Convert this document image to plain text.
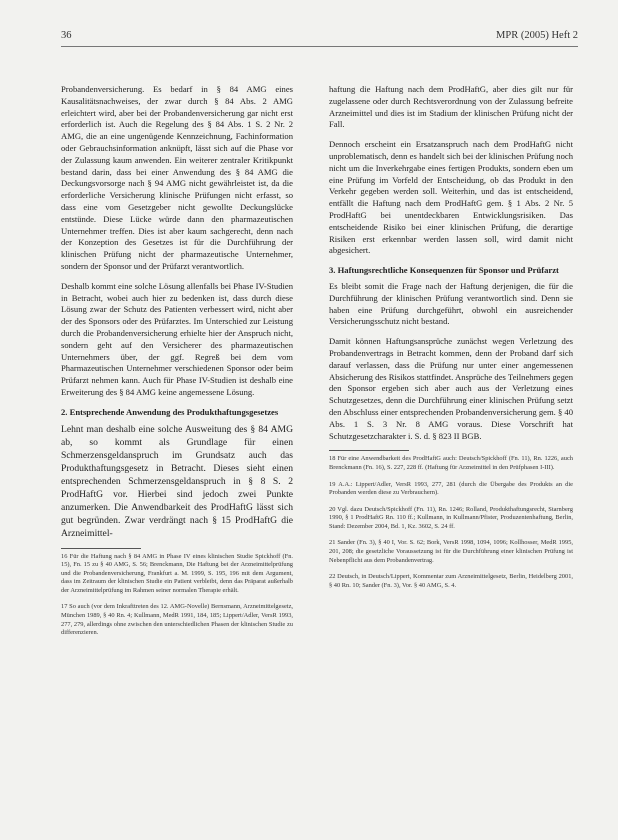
36	MPR (2005) Heft 2

Probandenversicherung. Es bedarf in § 84 AMG eines Kausalitätsnachweises, der zwar durch § 84 Abs. 2 AMG erleichtert wird, aber bei der Probandenversicherung gar nicht erst erforderlich ist. Auch die Regelung des § 84 Abs. 1 S. 2 Nr. 2 AMG, die an eine ungenügende Kennzeichnung, Fachinformation oder Gebrauchsinformation anknüpft, lässt sich auf die Phase vor der Zulassung kaum anwenden. Ein weiterer zentraler Kritikpunkt bestand darin, dass bei einer Anwendung des § 84 AMG die Deckungsvorsorge nach § 94 AMG nicht gewährleistet ist, da die erforderliche Versicherung klinische Prüfungen nicht erfasst, so dass eine vom Gesetzgeber nicht gewollte Deckungslücke entstünde. Diese Lücke würde dann den pharmazeutischen Unternehmer treffen. Dies ist aber kaum sachgerecht, denn nach der Konzeption des Gesetzes ist für die Durchführung der klinischen Prüfung nicht der pharmazeutische Unternehmer, sondern der Sponsor und der Prüfarzt verantwortlich.

Deshalb kommt eine solche Lösung allenfalls bei Phase IV-Studien in Betracht, wobei auch hier zu bedenken ist, dass durch diese Lösung zwar der Schutz des Patienten verbessert wird, nicht aber der des Sponsors oder des Prüfarztes. Im Unterschied zur Leistung durch die Probandenversicherung erhielte hier der Anspruch nicht, sondern geht auf den Versicherer des pharmazeutischen Unternehmers über, der ggf. Regreß bei dem vom Pharmazeutischen Unternehmer verschiedenen Sponsor oder beim Prüfarzt nehmen kann. Auch für Phase IV-Studien ist deshalb eine Erweiterung des § 84 AMG keine angemessene Lösung.

2. Entsprechende Anwendung des Produkthaftungsgesetzes

Lehnt man deshalb eine solche Ausweitung des § 84 AMG ab, so kommt als Grundlage für einen Schmerzensgeldanspruch im Grundsatz auch das Produkthaftungsgesetz in Betracht. Dieses sieht einen entsprechenden Schmerzensgeldanspruch in § 8 S. 2 ProdHaftG vor. Hierbei sind jedoch zwei Punkte anzumerken. Die Anwendbarkeit des ProdHaftG lässt sich gut begründen. Zwar verdrängt nach § 15 ProdHaftG die Arzneimittel-

16 Für die Haftung nach § 84 AMG in Phase IV eines klinischen Studie Spickhoff (Fn. 15), Fn. 15 zu § 40 AMG, S. 56; Brenckmann, Die Haftung bei der Arzneimittelprüfung und die Probandenversicherung, Frankfurt a. M. 1999, S. 195, 196 mit dem Argument, dass im Zeitraum der klinischen Studie ein Patient verbleibt, denn das Präparat außerhalb der Arzneimittelprüfung im Rahmen seiner normalen Therapie erhält.

17 So auch (vor dem Inkrafttreten des 12. AMG-Novelle) Bernsmann, Arzneimittelgesetz, München 1989, § 40 Rn. 4; Kullmann, MedR 1991, 184, 185; Lippert/Adler, VersR 1993, 277, 279, allerdings ohne zwischen den unterschiedlichen Phasen der klinischen Studie zu differenzieren.

haftung die Haftung nach dem ProdHaftG, aber dies gilt nur für zugelassene oder durch Rechtsverordnung von der Zulassung befreite Arzneimittel und dies ist im Stadium der klinischen Prüfung nicht der Fall.

Dennoch erscheint ein Ersatzanspruch nach dem ProdHaftG nicht unproblematisch, denn es handelt sich bei der klinischen Prüfung noch nicht um die Inverkehrgabe eines fertigen Produkts, sondern eben um eine Prüfung im Vorfeld der Entscheidung, ob das Produkt in den Verkehr gegeben werden soll. Weiterhin, und das ist entscheidend, entfällt die Haftung nach dem ProdHaftG gem. § 1 Abs. 2 Nr. 5 ProdHaftG bei unentdeckbaren Entwicklungsrisiken. Das entscheidende Risiko bei einer klinischen Prüfung, die derartige Risiken erst erkennbar werden lassen soll, wird damit nicht abgesichert.

3. Haftungsrechtliche Konsequenzen für Sponsor und Prüfarzt

Es bleibt somit die Frage nach der Haftung derjenigen, die für die Durchführung der klinischen Prüfung verantwortlich sind. Denn sie haben eine Prüfung durchgeführt, obwohl ein ausreichender Versicherungsschutz nicht bestand.

Damit können Haftungsansprüche zunächst wegen Verletzung des Probandenvertrags in Betracht kommen, denn der Proband darf sich darauf verlassen, dass die Prüfung nur unter einer angemessenen Absicherung des Risikos stattfindet. Ansprüche des Teilnehmers gegen den Sponsor ergeben sich aber auch aus der Verletzung eines Schutzgesetzes, denn die Durchführung einer klinischen Prüfung setzt den Abschluss einer entsprechenden Probandenversicherung gem. § 40 Abs. 1 S. 3 Nr. 8 AMG voraus. Diese Vorschrift hat Schutzgesetzcharakter i. S. d. § 823 II BGB.

18 Für eine Anwendbarkeit des ProdHaftG auch: Deutsch/Spickhoff (Fn. 11), Rn. 1226, auch Brenckmann (Fn. 16), S. 227, 228 ff. (Haftung für Arzneimittel in den Prüfphasen I-III).

19 A.A.: Lippert/Adler, VersR 1993, 277, 281 (durch die Übergabe des Produkts an die Probanden werden diese zu Verbrauchern).

20 Vgl. dazu Deutsch/Spickhoff (Fn. 11), Rn. 1246; Rolland, Produkthaftungsrecht, Starnberg 1990, § 1 ProdHaftG Rn. 110 ff.; Kullmann, in Kullmann/Pfister, Produzentenhaftung, Berlin, Stand: Dezember 2004, Bd. 1, Kz. 3602, S. 24 ff.

21 Sander (Fn. 3), § 40 I, Vor. S. 62; Bork, VersR 1998, 1094, 1096; Kollhosser, MedR 1995, 201, 208; die gesetzliche Voraussetzung ist für die Durchführung einer klinischen Prüfung ist Nebenpflicht aus dem Probandenvertrag.

22 Deutsch, in Deutsch/Lippert, Kommentar zum Arzneimittelgesetz, Berlin, Heidelberg 2001, § 40 Rn. 10; Sander (Fn. 3), Vor. § 40 AMG, S. 4.
